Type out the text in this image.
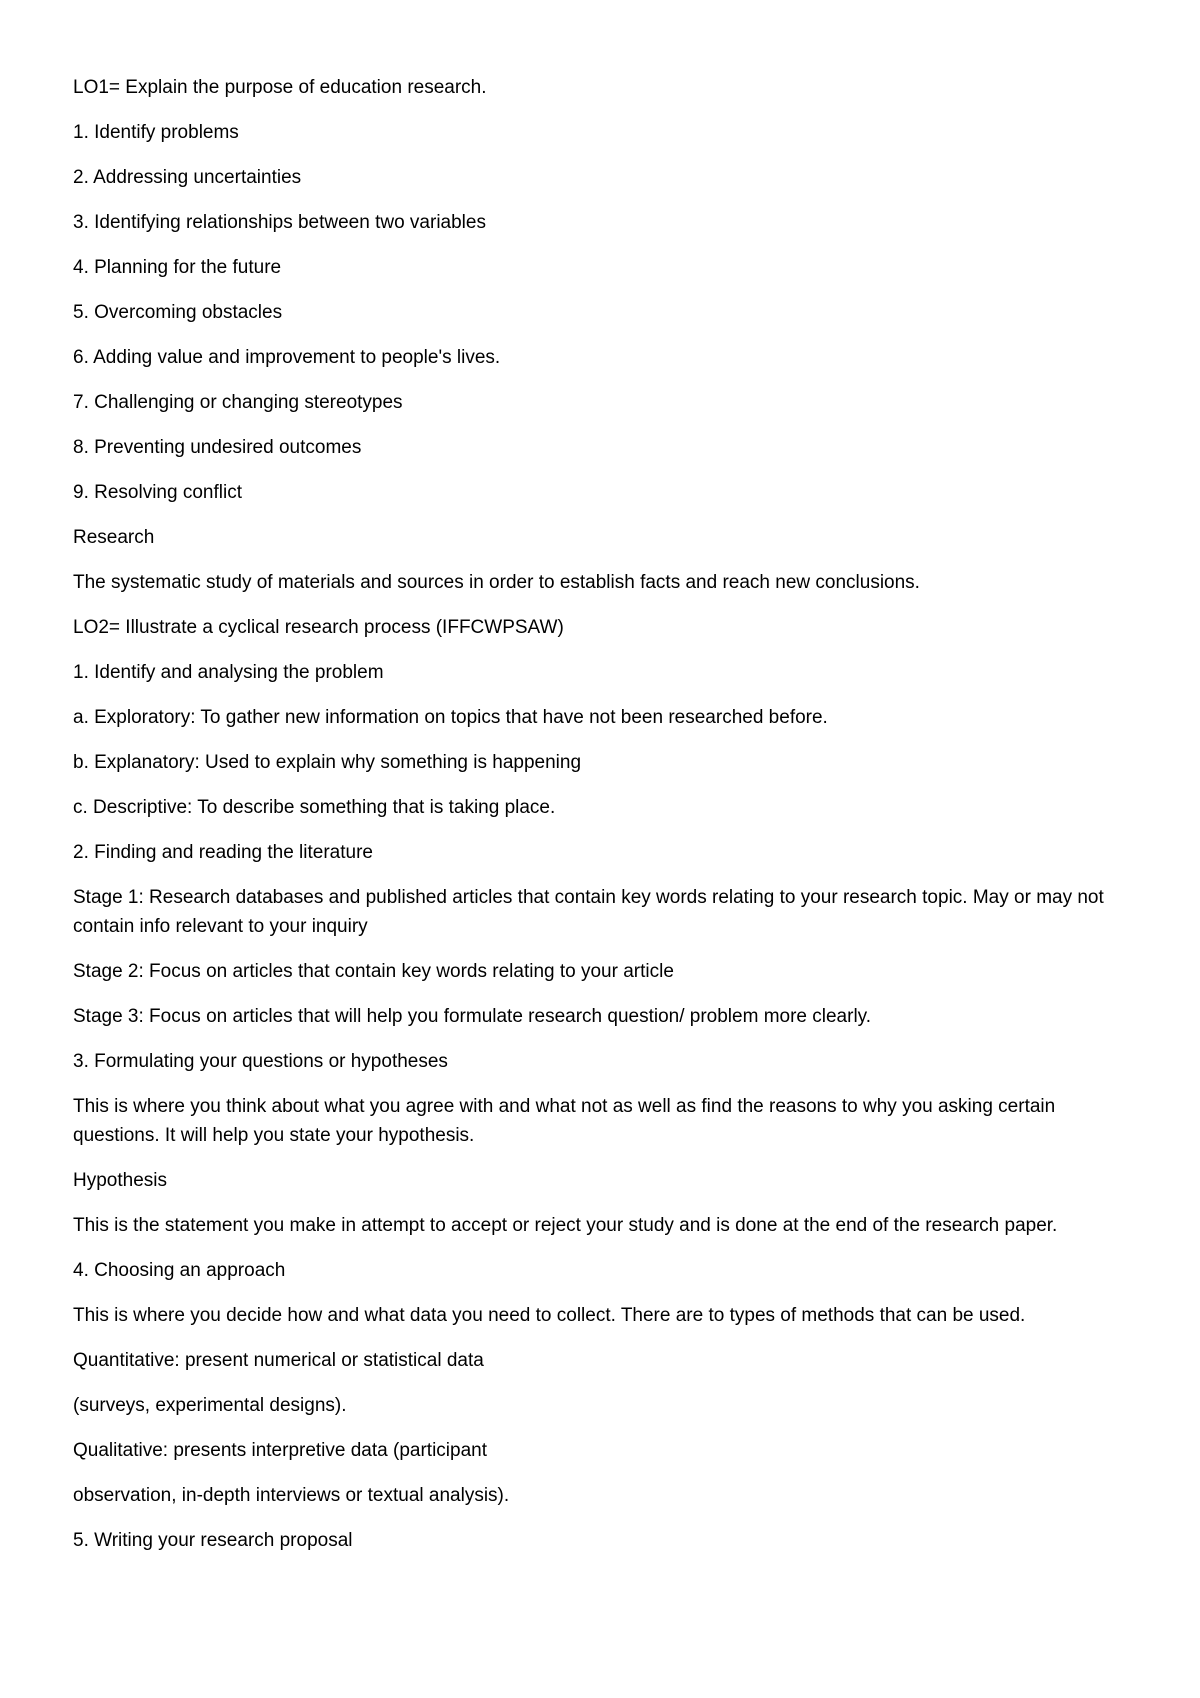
LO1= Explain the purpose of education research.

1. Identify problems

2. Addressing uncertainties

3. Identifying relationships between two variables

4. Planning for the future

5. Overcoming obstacles

6. Adding value and improvement to people's lives.

7. Challenging or changing stereotypes

8. Preventing undesired outcomes

9. Resolving conflict

Research

The systematic study of materials and sources in order to establish facts and reach new conclusions.

LO2= Illustrate a cyclical research process (IFFCWPSAW)

1. Identify and analysing the problem

a. Exploratory: To gather new information on topics that have not been researched before.

b. Explanatory: Used to explain why something is happening

c. Descriptive: To describe something that is taking place.

2. Finding and reading the literature

Stage 1: Research databases and published articles that contain key words relating to your research topic. May or may not contain info relevant to your inquiry

Stage 2: Focus on articles that contain key words relating to your article

Stage 3: Focus on articles that will help you formulate research question/ problem more clearly.

3. Formulating your questions or hypotheses

This is where you think about what you agree with and what not as well as find the reasons to why you asking certain questions. It will help you state your hypothesis.

Hypothesis

This is the statement you make in attempt to accept or reject your study and is done at the end of the research paper.

4. Choosing an approach

This is where you decide how and what data you need to collect. There are to types of methods that can be used.

Quantitative: present numerical or statistical data

(surveys, experimental designs).

Qualitative: presents interpretive data (participant

observation, in-depth interviews or textual analysis).

5. Writing your research proposal
